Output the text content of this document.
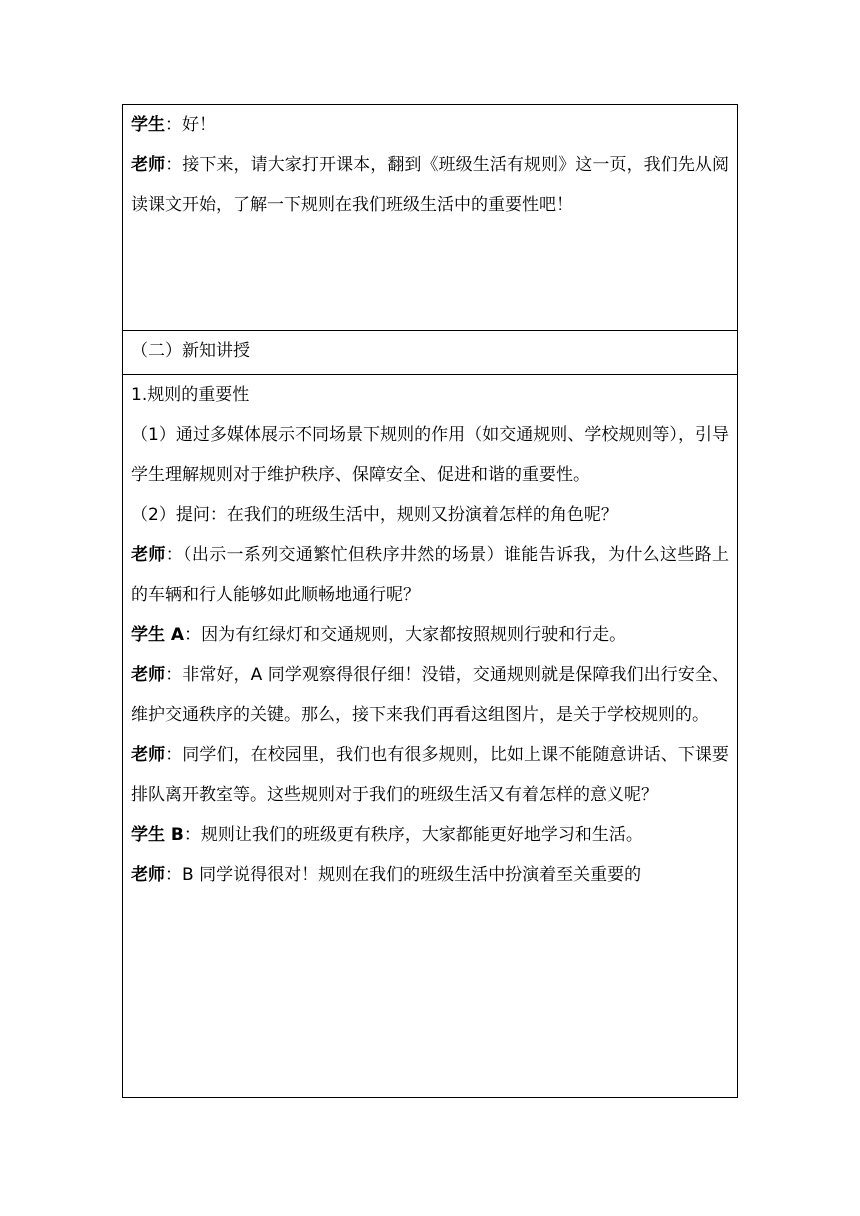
学生：好！

老师：接下来，请大家打开课本，翻到《班级生活有规则》这一页，我们先从阅读课文开始，了解一下规则在我们班级生活中的重要性吧！

（二）新知讲授

1.规则的重要性

（1）通过多媒体展示不同场景下规则的作用（如交通规则、学校规则等），引导学生理解规则对于维护秩序、保障安全、促进和谐的重要性。

（2）提问：在我们的班级生活中，规则又扮演着怎样的角色呢？

老师：（出示一系列交通繁忙但秩序井然的场景）谁能告诉我，为什么这些路上的车辆和行人能够如此顺畅地通行呢？

学生 A：因为有红绿灯和交通规则，大家都按照规则行驶和行走。

老师：非常好，A 同学观察得很仔细！没错，交通规则就是保障我们出行安全、维护交通秩序的关键。那么，接下来我们再看这组图片，是关于学校规则的。

老师：同学们，在校园里，我们也有很多规则，比如上课不能随意讲话、下课要排队离开教室等。这些规则对于我们的班级生活又有着怎样的意义呢？

学生 B：规则让我们的班级更有秩序，大家都能更好地学习和生活。

老师：B 同学说得很对！规则在我们的班级生活中扮演着至关重要的
